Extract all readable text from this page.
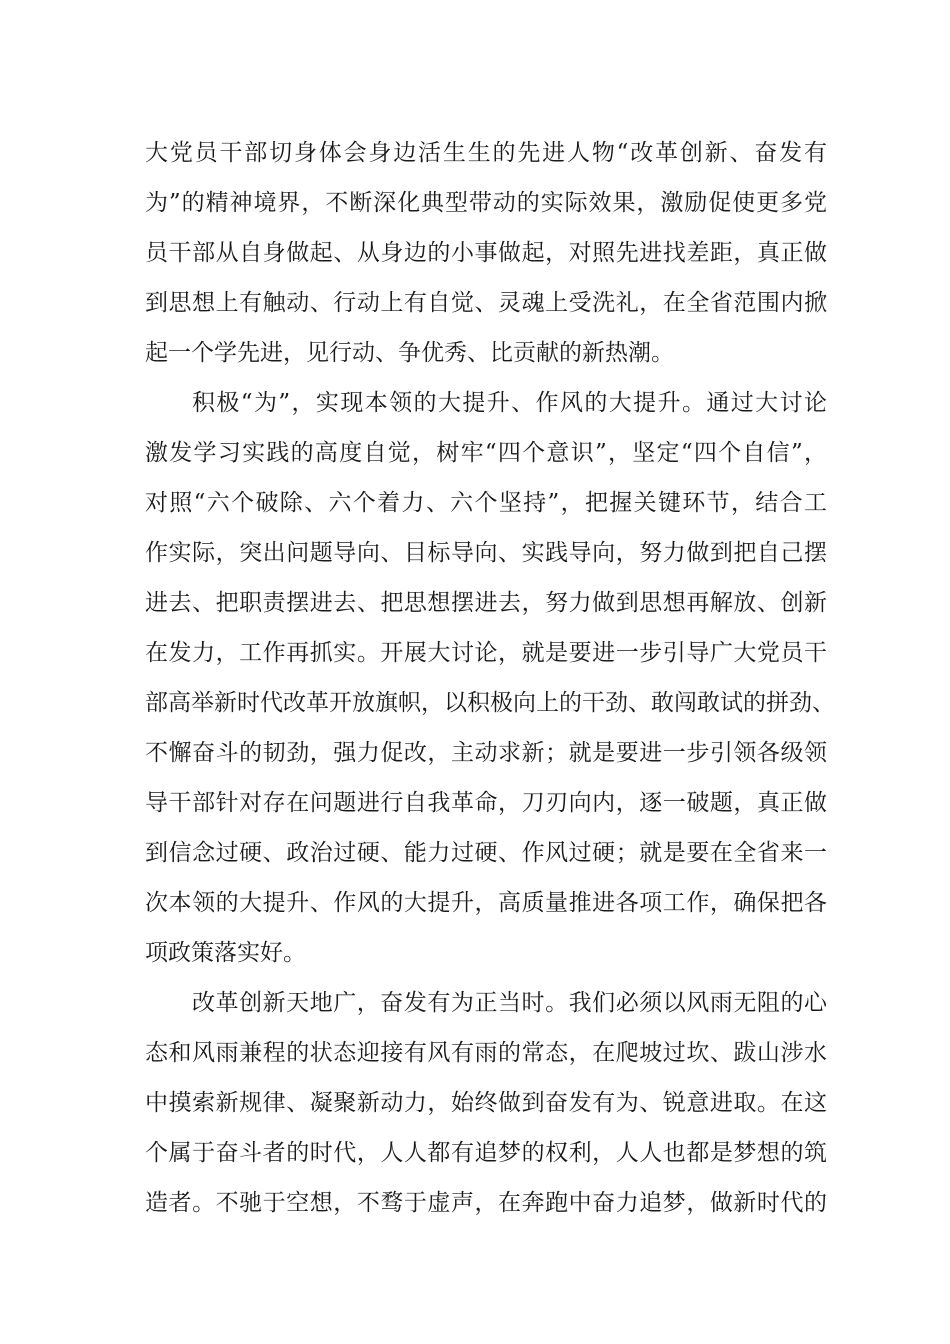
大党员干部切身体会身边活生生的先进人物“改革创新、奋发有
为”的精神境界，不断深化典型带动的实际效果，激励促使更多党
员干部从自身做起、从身边的小事做起，对照先进找差距，真正做
到思想上有触动、行动上有自觉、灵魂上受洗礼，在全省范围内掀
起一个学先进，见行动、争优秀、比贡献的新热潮。
积极“为”，实现本领的大提升、作风的大提升。通过大讨论
激发学习实践的高度自觉，树牢“四个意识”，坚定“四个自信”，
对照“六个破除、六个着力、六个坚持”，把握关键环节，结合工
作实际，突出问题导向、目标导向、实践导向，努力做到把自己摆
进去、把职责摆进去、把思想摆进去，努力做到思想再解放、创新
在发力，工作再抓实。开展大讨论，就是要进一步引导广大党员干
部高举新时代改革开放旗帜，以积极向上的干劲、敢闯敢试的拼劲、
不懈奋斗的韧劲，强力促改，主动求新；就是要进一步引领各级领
导干部针对存在问题进行自我革命，刀刃向内，逐一破题，真正做
到信念过硬、政治过硬、能力过硬、作风过硬；就是要在全省来一
次本领的大提升、作风的大提升，高质量推进各项工作，确保把各
项政策落实好。
改革创新天地广，奋发有为正当时。我们必须以风雨无阻的心
态和风雨兼程的状态迎接有风有雨的常态，在爬坡过坎、跋山涉水
中摸索新规律、凝聚新动力，始终做到奋发有为、锐意进取。在这
个属于奋斗者的时代，人人都有追梦的权利，人人也都是梦想的筑
造者。不驰于空想，不骛于虚声，在奔跑中奋力追梦，做新时代的
